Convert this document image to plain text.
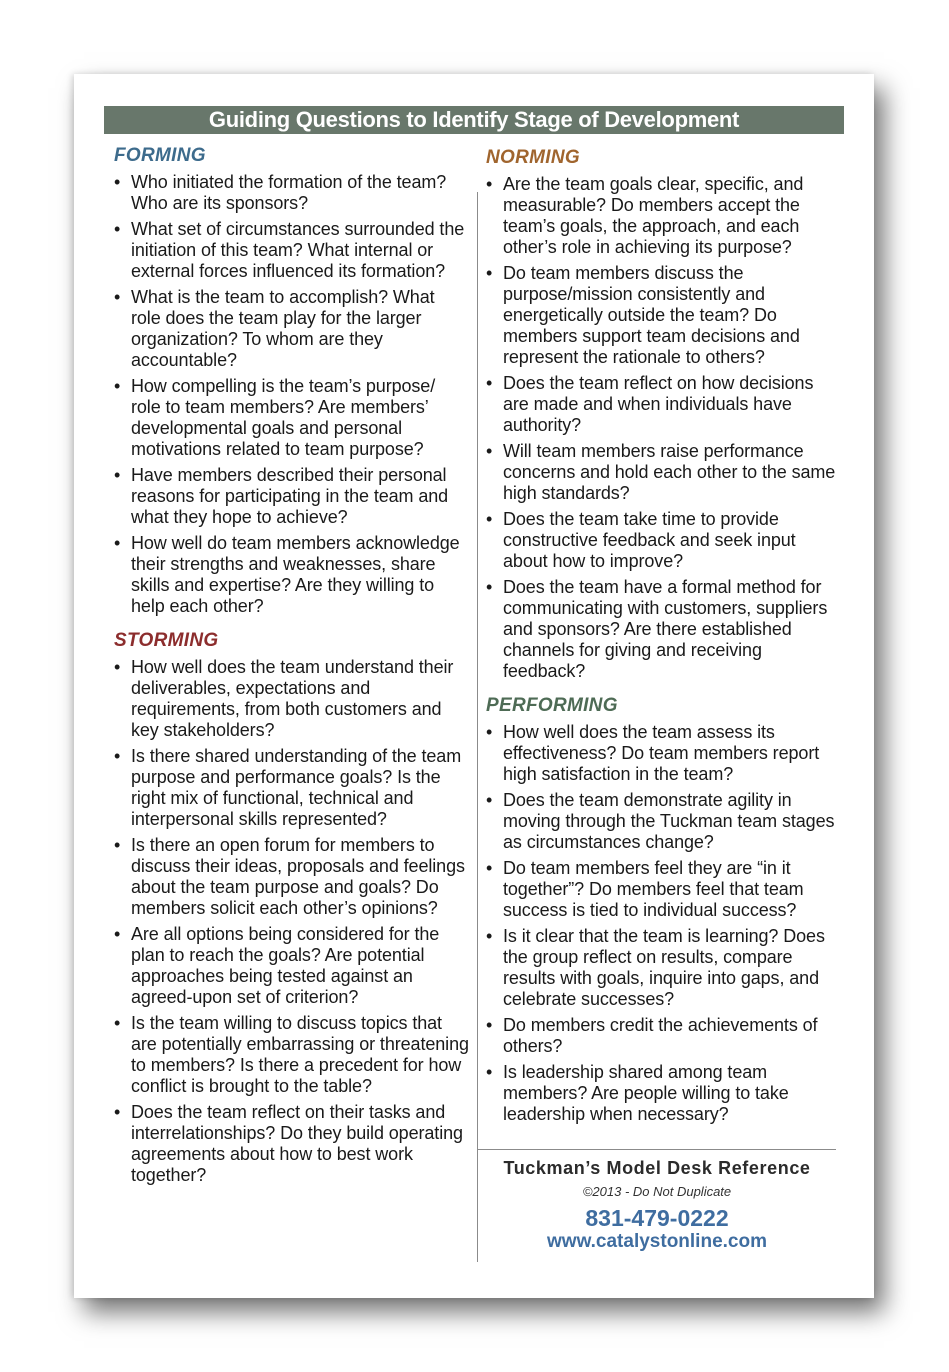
Guiding Questions to Identify Stage of Development
FORMING
• Who initiated the formation of the team? Who are its sponsors?
• What set of circumstances surrounded the initiation of this team? What internal or external forces influenced its formation?
• What is the team to accomplish? What role does the team play for the larger organization? To whom are they accountable?
• How compelling is the team’s purpose/ role to team members? Are members’ developmental goals and personal motivations related to team purpose?
• Have members described their personal reasons for participating in the team and what they hope to achieve?
• How well do team members acknowledge their strengths and weaknesses, share skills and expertise? Are they willing to help each other?
STORMING
• How well does the team understand their deliverables, expectations and requirements, from both customers and key stakeholders?
• Is there shared understanding of the team purpose and performance goals? Is the right mix of functional, technical and interpersonal skills represented?
• Is there an open forum for members to discuss their ideas, proposals and feelings about the team purpose and goals? Do members solicit each other’s opinions?
• Are all options being considered for the plan to reach the goals? Are potential approaches being tested against an agreed-upon set of criterion?
• Is the team willing to discuss topics that are potentially embarrassing or threatening to members? Is there a precedent for how conflict is brought to the table?
• Does the team reflect on their tasks and interrelationships? Do they build operating agreements about how to best work together?
NORMING
• Are the team goals clear, specific, and measurable? Do members accept the team’s goals, the approach, and each other’s role in achieving its purpose?
• Do team members discuss the purpose/mission consistently and energetically outside the team? Do members support team decisions and represent the rationale to others?
• Does the team reflect on how decisions are made and when individuals have authority?
• Will team members raise performance concerns and hold each other to the same high standards?
• Does the team take time to provide constructive feedback and seek input about how to improve?
• Does the team have a formal method for communicating with customers, suppliers and sponsors? Are there established channels for giving and receiving feedback?
PERFORMING
• How well does the team assess its effectiveness? Do team members report high satisfaction in the team?
• Does the team demonstrate agility in moving through the Tuckman team stages as circumstances change?
• Do team members feel they are “in it together”? Do members feel that team success is tied to individual success?
• Is it clear that the team is learning? Does the group reflect on results, compare results with goals, inquire into gaps, and celebrate successes?
• Do members credit the achievements of others?
• Is leadership shared among team members? Are people willing to take leadership when necessary?
Tuckman’s Model Desk Reference
©2013 - Do Not Duplicate
831-479-0222
www.catalystonline.com
